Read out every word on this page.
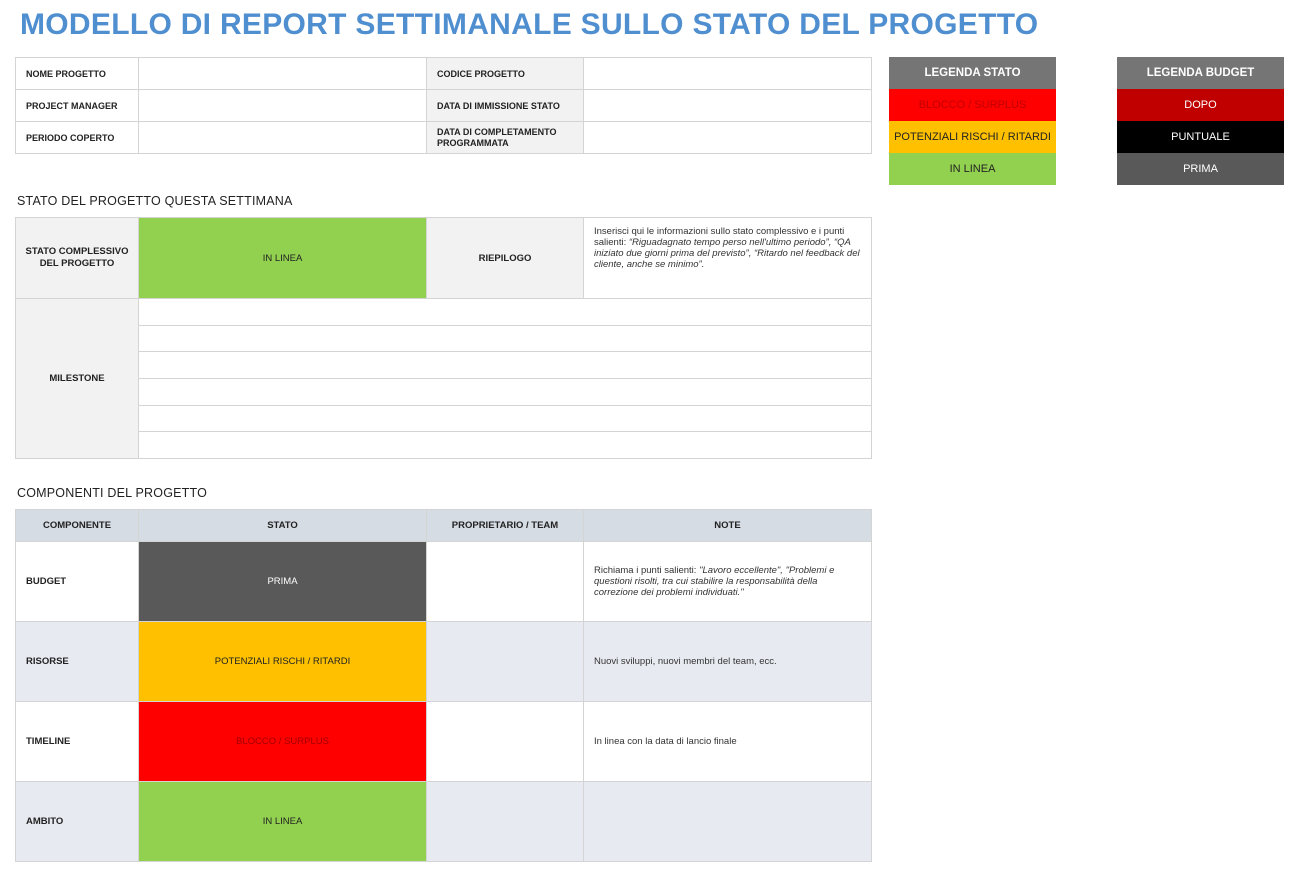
MODELLO DI REPORT SETTIMANALE SULLO STATO DEL PROGETTO
NOME PROGETTO		CODICE PROGETTO	
PROJECT MANAGER		DATA DI IMMISSIONE STATO	
PERIODO COPERTO		DATA DI COMPLETAMENTO PROGRAMMATA	
LEGENDA STATO
BLOCCO / SURPLUS
POTENZIALI RISCHI / RITARDI
IN LINEA
LEGENDA BUDGET
DOPO
PUNTUALE
PRIMA
STATO DEL PROGETTO QUESTA SETTIMANA
STATO COMPLESSIVO DEL PROGETTO	IN LINEA	RIEPILOGO	Inserisci qui le informazioni sullo stato complessivo e i punti salienti: “Riguadagnato tempo perso nell'ultimo periodo”, “QA iniziato due giorni prima del previsto”, “Ritardo nel feedback del cliente, anche se minimo”.
MILESTONE			

COMPONENTI DEL PROGETTO
COMPONENTE	STATO	PROPRIETARIO / TEAM	NOTE
BUDGET	PRIMA		Richiama i punti salienti: "Lavoro eccellente", "Problemi e questioni risolti, tra cui stabilire la responsabilità della correzione dei problemi individuati."
RISORSE	POTENZIALI RISCHI / RITARDI		Nuovi sviluppi, nuovi membri del team, ecc.
TIMELINE	BLOCCO / SURPLUS		In linea con la data di lancio finale
AMBITO	IN LINEA		
